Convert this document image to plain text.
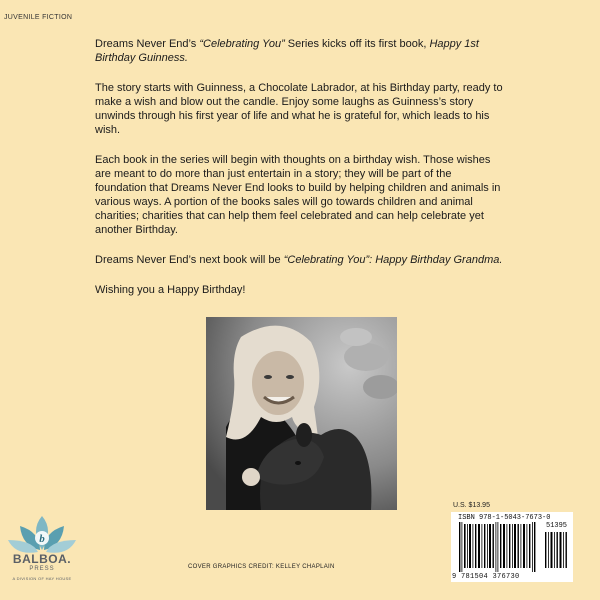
JUVENILE FICTION

Dreams Never End’s “Celebrating You” Series kicks off its first book, Happy 1st Birthday Guinness.

The story starts with Guinness, a Chocolate Labrador, at his Birthday party, ready to make a wish and blow out the candle. Enjoy some laughs as Guinness’s story unwinds through his first year of life and what he is grateful for, which leads to his wish.

Each book in the series will begin with thoughts on a birthday wish. Those wishes are meant to do more than just entertain in a story; they will be part of the foundation that Dreams Never End looks to build by helping children and animals in various ways. A portion of the books sales will go towards children and animal charities; charities that can help them feel celebrated and can help celebrate yet another Birthday.

Dreams Never End’s next book will be “Celebrating You”: Happy Birthday Grandma.

Wishing you a Happy Birthday!

COVER GRAPHICS CREDIT: KELLEY CHAPLAIN
b
BALBOA.
PRESS
A DIVISION OF HAY HOUSE
U.S. $13.95
ISBN 978-1-5043-7673-0
51395
9 781504 376730
